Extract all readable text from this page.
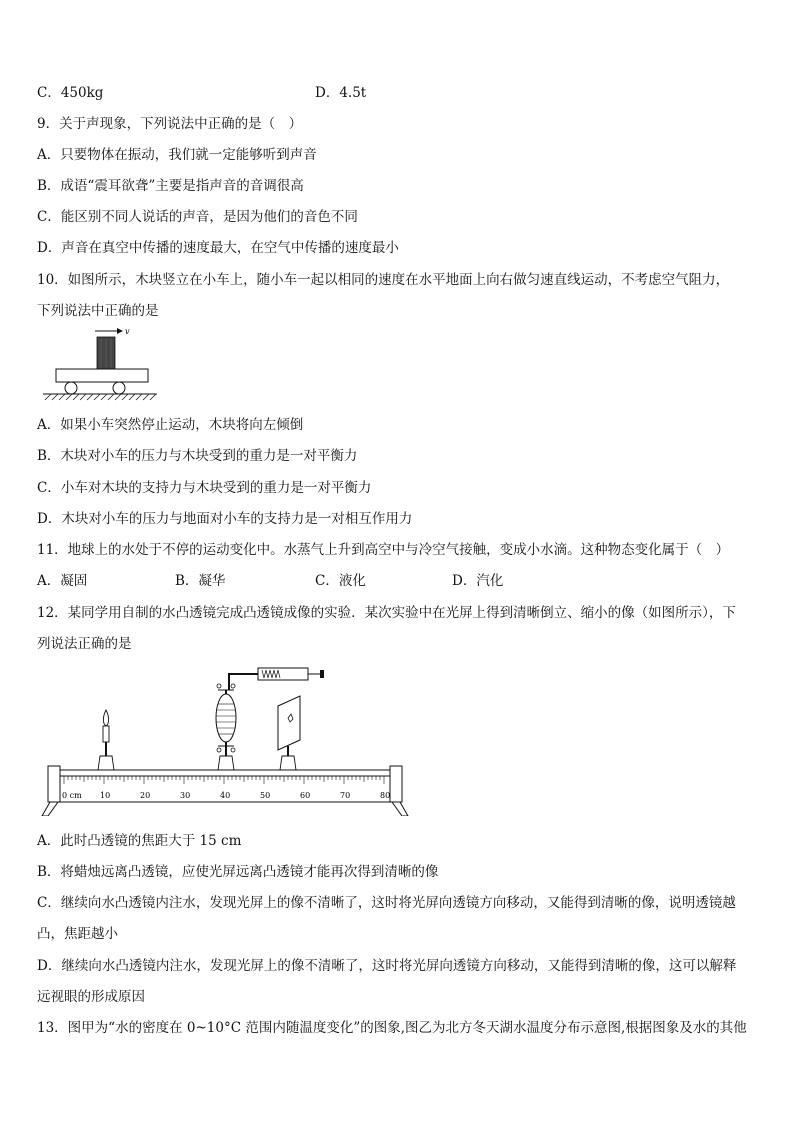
C．450kg	D．4.5t
9．关于声现象，下列说法中正确的是（　）
A．只要物体在振动，我们就一定能够听到声音
B．成语“震耳欲聋”主要是指声音的音调很高
C．能区别不同人说话的声音，是因为他们的音色不同
D．声音在真空中传播的速度最大，在空气中传播的速度最小
10．如图所示，木块竖立在小车上，随小车一起以相同的速度在水平地面上向右做匀速直线运动，不考虑空气阻力，
下列说法中正确的是
v
A．如果小车突然停止运动，木块将向左倾倒
B．木块对小车的压力与木块受到的重力是一对平衡力
C．小车对木块的支持力与木块受到的重力是一对平衡力
D．木块对小车的压力与地面对小车的支持力是一对相互作用力
11．地球上的水处于不停的运动变化中。水蒸气上升到高空中与冷空气接触，变成小水滴。这种物态变化属于（　）
A．凝固	B．凝华	C．液化	D．汽化
12．某同学用自制的水凸透镜完成凸透镜成像的实验．某次实验中在光屏上得到清晰倒立、缩小的像（如图所示），下
列说法正确的是
0 cm 10	20	30	40	50	60	70	80
A．此时凸透镜的焦距大于 15 cm
B．将蜡烛远离凸透镜，应使光屏远离凸透镜才能再次得到清晰的像
C．继续向水凸透镜内注水，发现光屏上的像不清晰了，这时将光屏向透镜方向移动，又能得到清晰的像，说明透镜越
凸，焦距越小
D．继续向水凸透镜内注水，发现光屏上的像不清晰了，这时将光屏向透镜方向移动，又能得到清晰的像，这可以解释
远视眼的形成原因
13．图甲为“水的密度在 0~10°C 范围内随温度变化”的图象,图乙为北方冬天湖水温度分布示意图,根据图象及水的其他
